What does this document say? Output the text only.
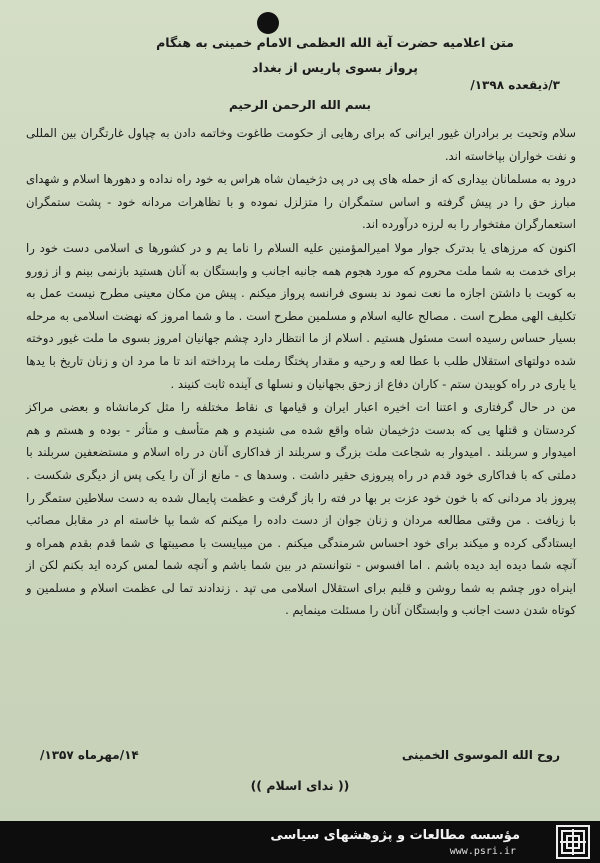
متن اعلامیه حضرت آیة الله العظمی الامام خمینی به هنگام
پرواز بسوی پاریس از بغداد
۳/ذیقعده ۱۳۹۸/
بسم الله الرحمن الرحیم

سلام وتحیت بر برادران غیور ایرانی که برای رهایی از حکومت طاغوت وخاتمه دادن به چپاول غارتگران بین المللی و نفت خواران بپاخاسته اند.

درود به مسلمانان بیداری که از حمله های پی در پی دژخیمان شاه هراس به خود راه نداده و دهورها اسلام و شهدای مبارز حق را در پیش گرفته و اساس ستمگران را متزلزل نموده و با تظاهرات مردانه خود - پشت ستمگران استعمارگران مفتخوار را به لرزه درآورده اند.

اکنون که مرزهای یا بدترک جوار مولا امیرالمؤمنین علیه السلام را ناما یم و در کشورها ی اسلامی دست خود را برای خدمت به شما ملت محروم که مورد هجوم همه جانبه اجانب و وابستگان به آنان هستید بازنمی بینم و از زورو به کویت با داشتن اجازه ما نعت نمود ند بسوی فرانسه پرواز میکنم . پیش من مکان معینی مطرح نیست عمل به تکلیف الهی مطرح است . مصالح عالیه اسلام و مسلمین مطرح است . ما و شما امروز که نهضت اسلامی به مرحله بسیار حساس رسیده است مسئول هستیم . اسلام از ما انتظار دارد چشم جهانیان امروز بسوی ما ملت غیور دوخته شده دولتهای استقلال طلب با عطا لعه و رحیه و مقدار پختگا رملت ما پرداخته اند تا ما مرد ان و زنان تاریخ با یدها یا یاری در راه کوبیدن ستم - کاران دفاع از زحق بجهانیان و نسلها ی آینده ثابت کنیند .

من در حال گرفتاری و اعتنا ات اخیره اعبار ایران و قیامها ی نقاط مختلفه را مثل کرمانشاه و بعضی مراکز کردستان و قتلها یی که بدست دژخیمان شاه واقع شده می شنیدم و هم متأسف و متأثر - بوده و هستم و هم امیدوار و سربلند . امیدوار به شجاعت ملت بزرگ و سربلند از فداکاری آنان در راه اسلام و مستضعفین سربلند با دملتی که با فداکاری خود قدم در راه پیروزی حقیر داشت . وسدها ی - مانع از آن را یکی پس از دیگری شکست . پیروز باد مردانی که با خون خود عزت بر بها در فته را باز گرفت و عظمت پایمال شده به دست سلاطین ستمگر را با زیافت . من وقتی مطالعه مردان و زنان جوان از دست داده را میکنم که شما بپا خاسته ام در مقابل مصائب ایستادگی کرده و میکند برای خود احساس شرمندگی میکنم . من میبایست با مصیبتها ی شما قدم بقدم همراه و آنچه شما دیده اید دیده باشم . اما افسوس - نتوانستم در بین شما باشم و آنچه شما لمس کرده اید بکنم لکن از اینراه دور چشم به شما روشن و قلبم برای استقلال اسلامی می تپد . زندادند تما لی عظمت اسلام و مسلمین و کوتاه شدن دست اجانب و وابستگان آنان را مسئلت مینمایم .

روح الله الموسوی الخمینی
۱۴/مهرماه ۱۳۵۷/
(( ندای اسلام ))
مؤسسه مطالعات و پژوهشهای سیاسی
www.psri.ir
